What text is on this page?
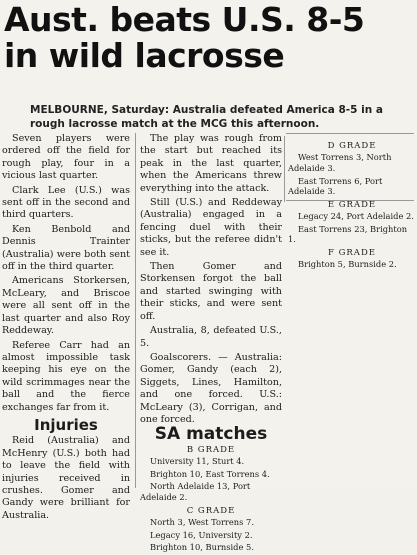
Aust. beats U.S. 8-5
in wild lacrosse
MELBOURNE, Saturday: Australia defeated America 8-5 in a rough lacrosse match at the MCG this afternoon.

Seven players were ordered off the field for rough play, four in a vicious last quarter.

Clark Lee (U.S.) was sent off in the second and third quarters.

Ken Benbold and Dennis Trainter (Australia) were both sent off in the third quarter.

Americans Storkersen, McLeary, and Briscoe were all sent off in the last quarter and also Roy Reddeway.

Referee Carr had an almost impossible task keeping his eye on the wild scrimmages near the ball and the fierce exchanges far from it.

Injuries

Reid (Australia) and McHenry (U.S.) both had to leave the field with injuries received in crushes. Gomer and Gandy were brilliant for Australia.

The play was rough from the start but reached its peak in the last quarter, when the Americans threw everything into the attack.

Still (U.S.) and Reddeway (Australia) engaged in a fencing duel with their sticks, but the referee didn't see it.

Then Gomer and Storkensen forgot the ball and started swinging with their sticks, and were sent off.

Australia, 8, defeated U.S., 5.

Goalscorers. — Australia: Gomer, Gandy (each 2), Siggets, Lines, Hamilton, and one forced. U.S.: McLeary (3), Corrigan, and one forced.

SA matches
B GRADE

University 11, Sturt 4.

Brighton 10, East Torrens 4.

North Adelaide 13, Port Adelaide 2.

C GRADE

North 3, West Torrens 7.

Legacy 16, University 2.

Brighton 10, Burnside 5.

D GRADE

West Torrens 3, North Adelaide 3.

East Torrens 6, Port Adelaide 3.

E GRADE

Legacy 24, Port Adelaide 2.

East Torrens 23, Brighton 1.

F GRADE

Brighton 5, Burnside 2.
